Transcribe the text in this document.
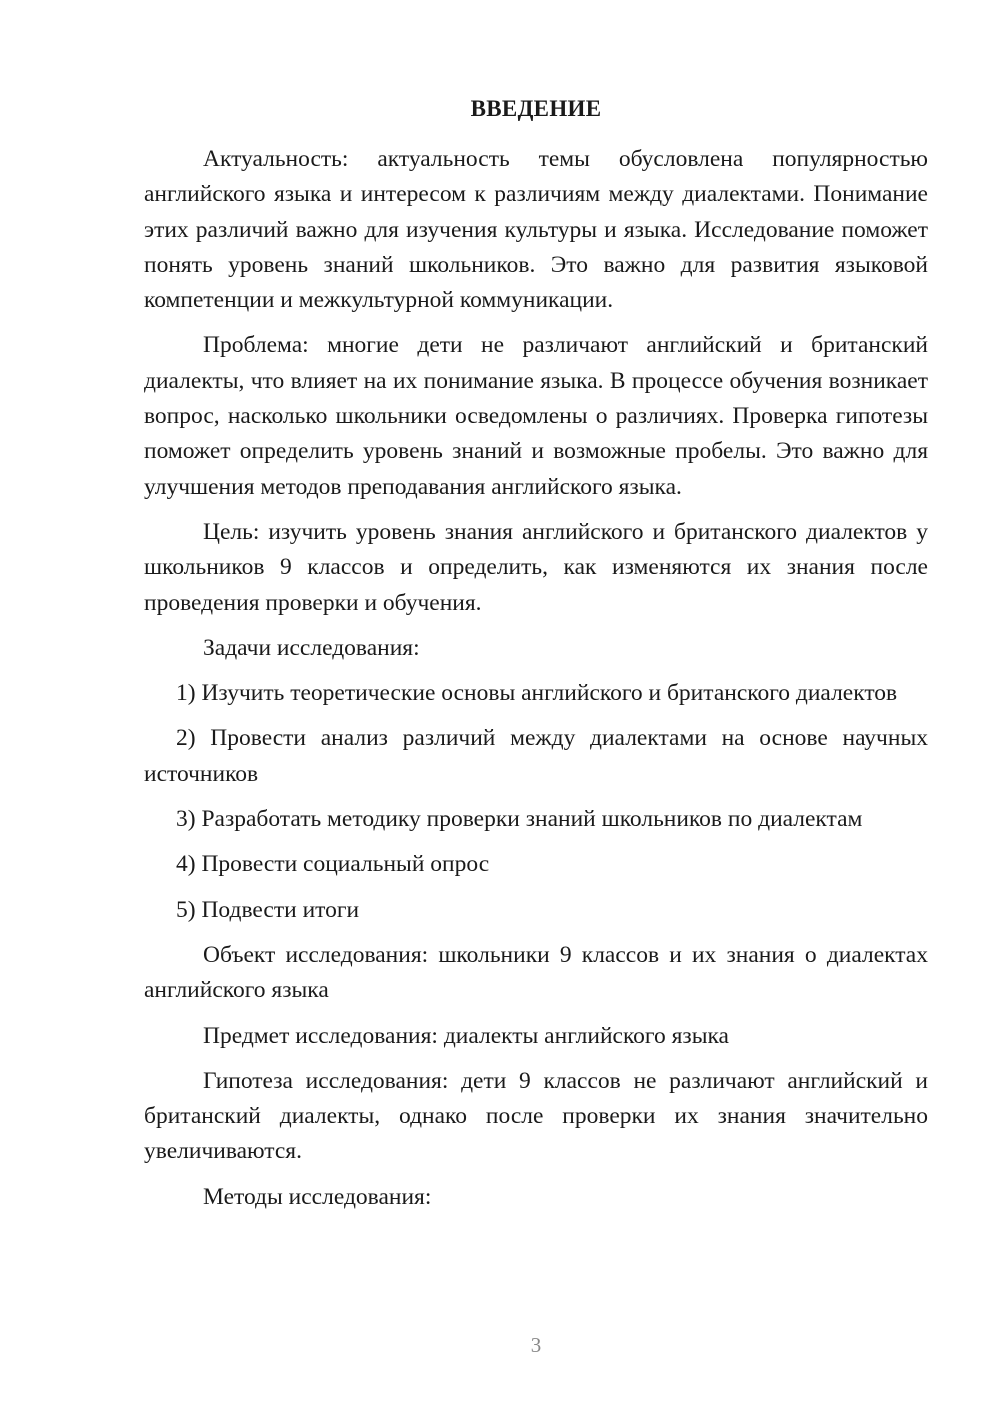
ВВЕДЕНИЕ

Актуальность: актуальность темы обусловлена популярностью английского языка и интересом к различиям между диалектами. Понимание этих различий важно для изучения культуры и языка. Исследование поможет понять уровень знаний школьников. Это важно для развития языковой компетенции и межкультурной коммуникации.

Проблема: многие дети не различают английский и британский диалекты, что влияет на их понимание языка. В процессе обучения возникает вопрос, насколько школьники осведомлены о различиях. Проверка гипотезы поможет определить уровень знаний и возможные пробелы. Это важно для улучшения методов преподавания английского языка.

Цель: изучить уровень знания английского и британского диалектов у школьников 9 классов и определить, как изменяются их знания после проведения проверки и обучения.

Задачи исследования:

1) Изучить теоретические основы английского и британского диалектов

2) Провести анализ различий между диалектами на основе научных источников

3) Разработать методику проверки знаний школьников по диалектам

4) Провести социальный опрос

5) Подвести итоги

Объект исследования: школьники 9 классов и их знания о диалектах английского языка

Предмет исследования: диалекты английского языка

Гипотеза исследования: дети 9 классов не различают английский и британский диалекты, однако после проверки их знания значительно увеличиваются.

Методы исследования:

3
